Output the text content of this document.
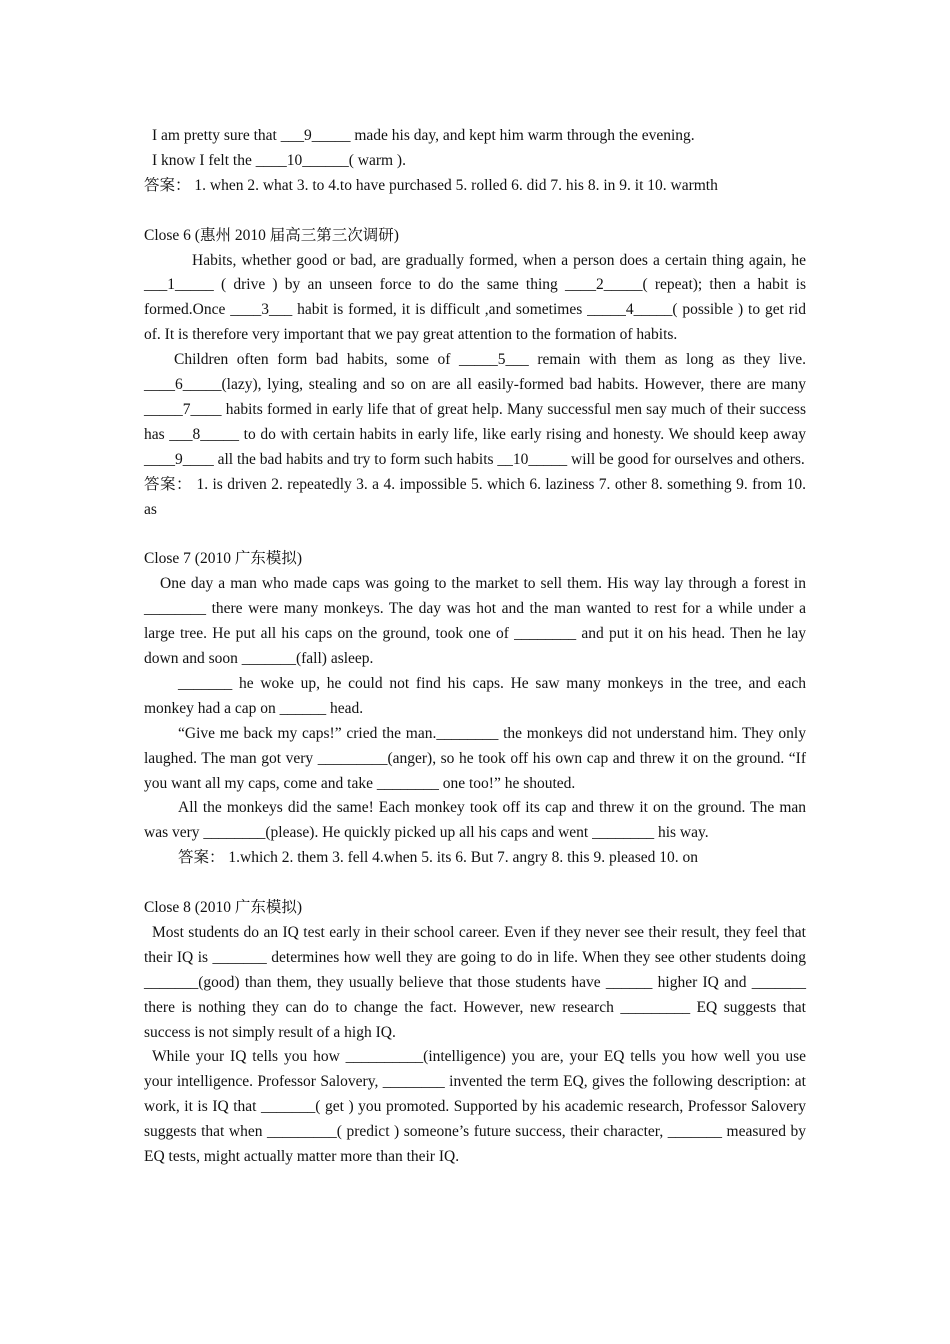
I am pretty sure that ___9_____ made his day, and kept him warm through the evening.

I know I felt the ____10______( warm ).

答案： 1. when 2. what 3. to 4.to have purchased 5. rolled 6. did 7. his 8. in 9. it 10. warmth

Close 6 (惠州 2010 届高三第三次调研)

Habits, whether good or bad, are gradually formed, when a person does a certain thing again, he ___1_____ ( drive ) by an unseen force to do the same thing ____2_____( repeat); then a habit is formed.Once ____3___ habit is formed, it is difficult ,and sometimes _____4_____( possible ) to get rid of. It is therefore very important that we pay great attention to the formation of habits.

Children often form bad habits, some of _____5___ remain with them as long as they live. ____6_____(lazy), lying, stealing and so on are all easily-formed bad habits. However, there are many _____7____ habits formed in early life that of great help. Many successful men say much of their success has ___8_____ to do with certain habits in early life, like early rising and honesty. We should keep away ____9____ all the bad habits and try to form such habits __10_____ will be good for ourselves and others.

答案： 1. is driven 2. repeatedly 3. a 4. impossible 5. which 6. laziness 7. other 8. something 9. from 10. as

Close 7 (2010 广东模拟)

One day a man who made caps was going to the market to sell them. His way lay through a forest in ________ there were many monkeys. The day was hot and the man wanted to rest for a while under a large tree. He put all his caps on the ground, took one of ________ and put it on his head. Then he lay down and soon _______(fall) asleep.

_______ he woke up, he could not find his caps. He saw many monkeys in the tree, and each monkey had a cap on ______ head.

“Give me back my caps!” cried the man.________ the monkeys did not understand him. They only laughed. The man got very _________(anger), so he took off his own cap and threw it on the ground. “If you want all my caps, come and take ________ one too!” he shouted.

All the monkeys did the same! Each monkey took off its cap and threw it on the ground. The man was very ________(please). He quickly picked up all his caps and went ________ his way.

答案： 1.which 2. them 3. fell 4.when 5. its 6. But 7. angry 8. this 9. pleased 10. on

Close 8 (2010 广东模拟)

Most students do an IQ test early in their school career. Even if they never see their result, they feel that their IQ is _______ determines how well they are going to do in life. When they see other students doing _______(good) than them, they usually believe that those students have ______ higher IQ and _______ there is nothing they can do to change the fact. However, new research _________ EQ suggests that success is not simply result of a high IQ.

While your IQ tells you how __________(intelligence) you are, your EQ tells you how well you use your intelligence. Professor Salovery, ________ invented the term EQ, gives the following description: at work, it is IQ that _______( get ) you promoted. Supported by his academic research, Professor Salovery suggests that when _________( predict ) someone’s future success, their character, _______ measured by EQ tests, might actually matter more than their IQ.
